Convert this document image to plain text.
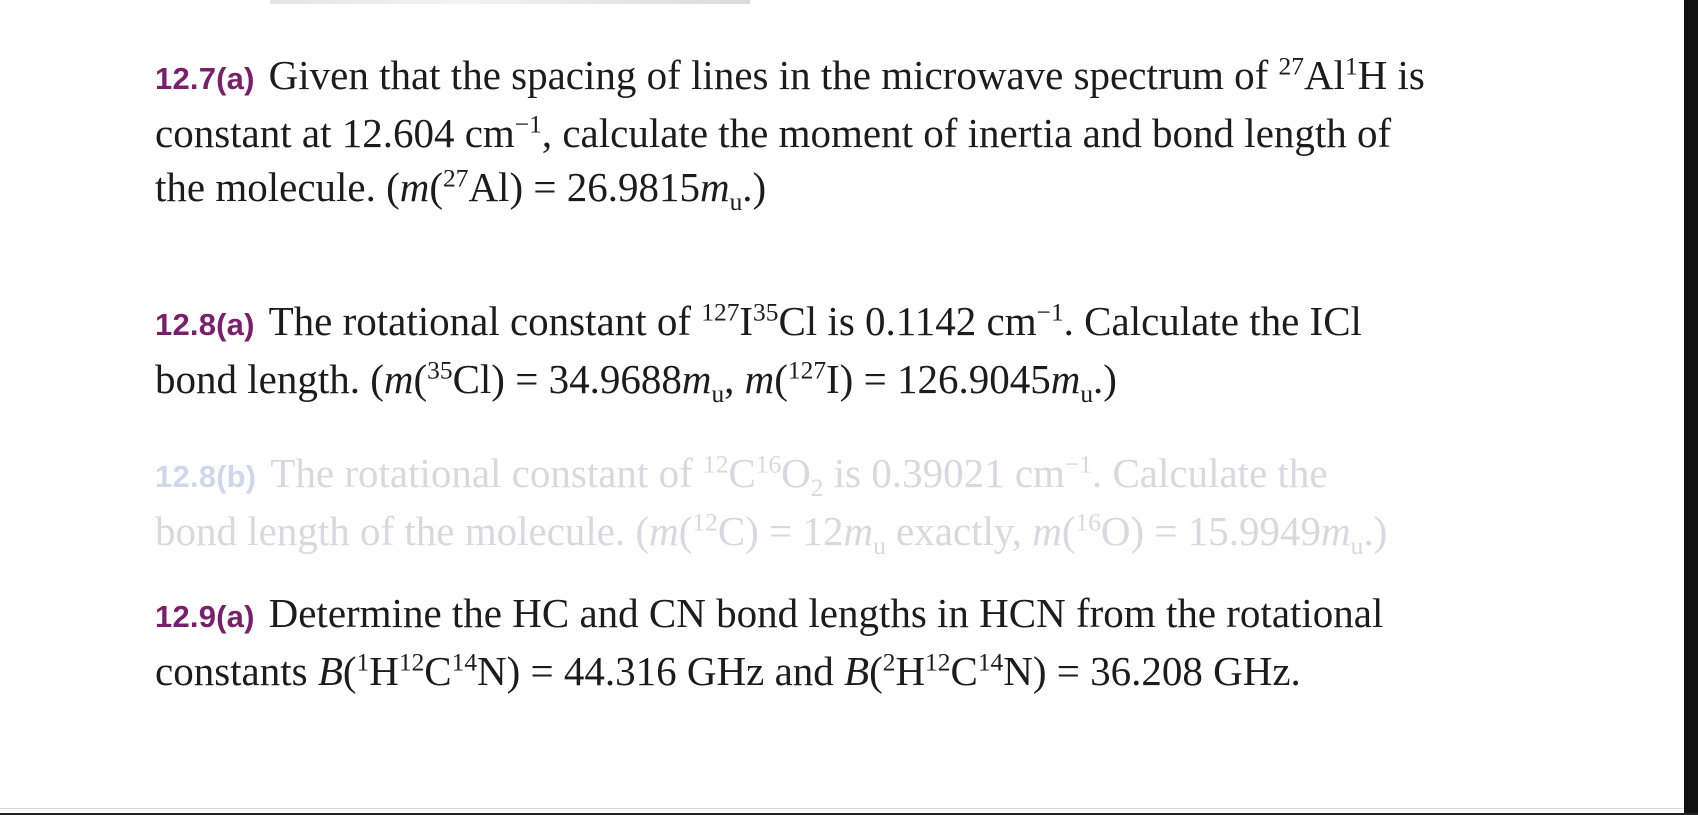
12.7(a) Given that the spacing of lines in the microwave spectrum of $^{27}$Al$^1$H is
constant at 12.604 $cm^{-1}$, calculate the moment of inertia and bond length of
the molecule. $(m(^{27}Al) = 26.9815m_u.)$
12.8(a) The rotational constant of $^{127}I^{35}Cl$ is 0.1142 $cm^{-1}$. Calculate the ICl
bond length. ($m(^{35}Cl) = 34.9688m_u$, $m(^{127}I) = 126.9045m_u$.)
12.8(b) The rotational constant of $^{12}C^{16}O_2$ is 0.39021 $cm^{-1}$. Calculate the
bond length of the molecule. ($m(^{12}C) = 12m_u$ exactly, $m(^{16}O) = 15.9949m_u$.)
12.9(a) Determine the HC and CN bond lengths in HCN from the rotational
constants $B(^1H^{12}C^{14}N) = 44.316$ GHz and $B(^2H^{12}C^{14}N) = 36.208$ GHz.
